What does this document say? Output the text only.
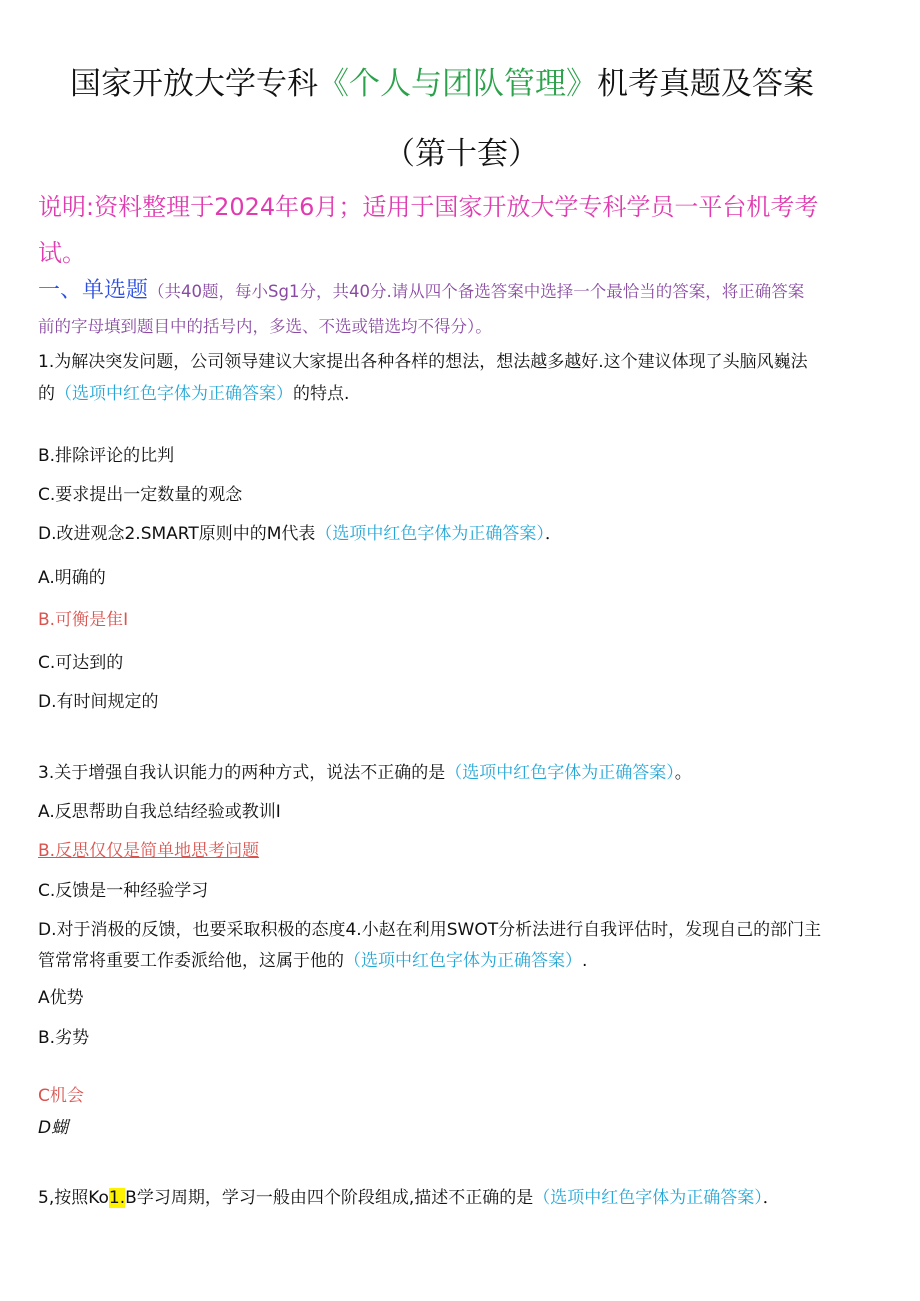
国家开放大学专科《个人与团队管理》机考真题及答案
（第十套）
说明:资料整理于2024年6月；适用于国家开放大学专科学员一平台机考考
试。
一、单选题（共40题，每小Sg1分，共40分.请从四个备选答案中选择一个最恰当的答案，将正确答案
前的字母填到题目中的括号内，多选、不选或错选均不得分）。
1.为解决突发问题，公司领导建议大家提出各种各样的想法，想法越多越好.这个建议体现了头脑风巍法
的（选项中红色字体为正确答案）的特点.
B.排除评论的比判
C.要求提出一定数量的观念
D.改进观念2.SMART原则中的M代表（选项中红色字体为正确答案）．
A.明确的
B.可衡是隹I
C.可达到的
D.有时间规定的
3.关于增强自我认识能力的两种方式，说法不正确的是（选项中红色字体为正确答案）。
A.反思帮助自我总结经验或教训I
B.反思仅仅是简单地思考问题
C.反馈是一种经验学习
D.对于消极的反馈，也要采取积极的态度4.小赵在利用SWOT分析法进行自我评估时，发现自己的部门主
管常常将重要工作委派给他，这属于他的（选项中红色字体为正确答案）.
A优势
B.劣势
C机会
D蝴
5,按照Ko1.B学习周期，学习一般由四个阶段组成,描述不正确的是（选项中红色字体为正确答案）．
